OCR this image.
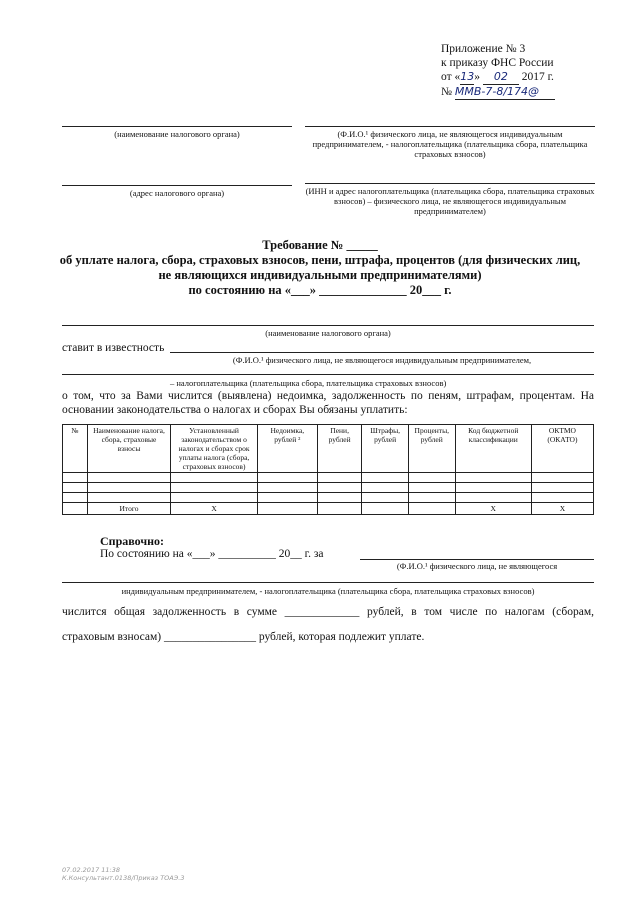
Приложение № 3
к приказу ФНС России
от «13» 02 2017 г.
№ ММВ-7-8/174@
(наименование налогового органа)	(Ф.И.О.¹ физического лица, не являющегося индивидуальным предпринимателем, - налогоплательщика (плательщика сбора, плательщика страховых взносов)
(адрес налогового органа)	(ИНН и адрес налогоплательщика (плательщика сбора, плательщика страховых взносов) – физического лица, не являющегося индивидуальным предпринимателем)
Требование № _____
об уплате налога, сбора, страховых взносов, пени, штрафа, процентов (для физических лиц,
не являющихся индивидуальными предпринимателями)
по состоянию на «___» ______________ 20___ г.
(наименование налогового органа)
ставит в известность
(Ф.И.О.¹ физического лица, не являющегося индивидуальным предпринимателем,
– налогоплательщика (плательщика сбора, плательщика страховых взносов)
о том, что за Вами числится (выявлена) недоимка, задолженность по пеням, штрафам, процентам. На основании законодательства о налогах и сборах Вы обязаны уплатить:
№	Наименование налога, сбора, страховые взносы	Установленный законодательством о налогах и сборах срок уплаты налога (сбора, страховых взносов)	Недоимка, рублей ²	Пени, рублей	Штрафы, рублей	Проценты, рублей	Код бюджетной классификации	ОКТМО (ОКАТО)

	Итого	Х					Х	Х
Справочно:
По состоянию на «___» __________ 20__ г. за
(Ф.И.О.¹ физического лица, не являющегося
индивидуальным предпринимателем, - налогоплательщика (плательщика сбора, плательщика страховых взносов)
числится общая задолженность в сумме _____________ рублей, в том числе по налогам (сборам,
страховым взносам) ________________ рублей, которая подлежит уплате.
07.02.2017 11:38
К.Консультант.0138/Приказ ТОАЭ.3
